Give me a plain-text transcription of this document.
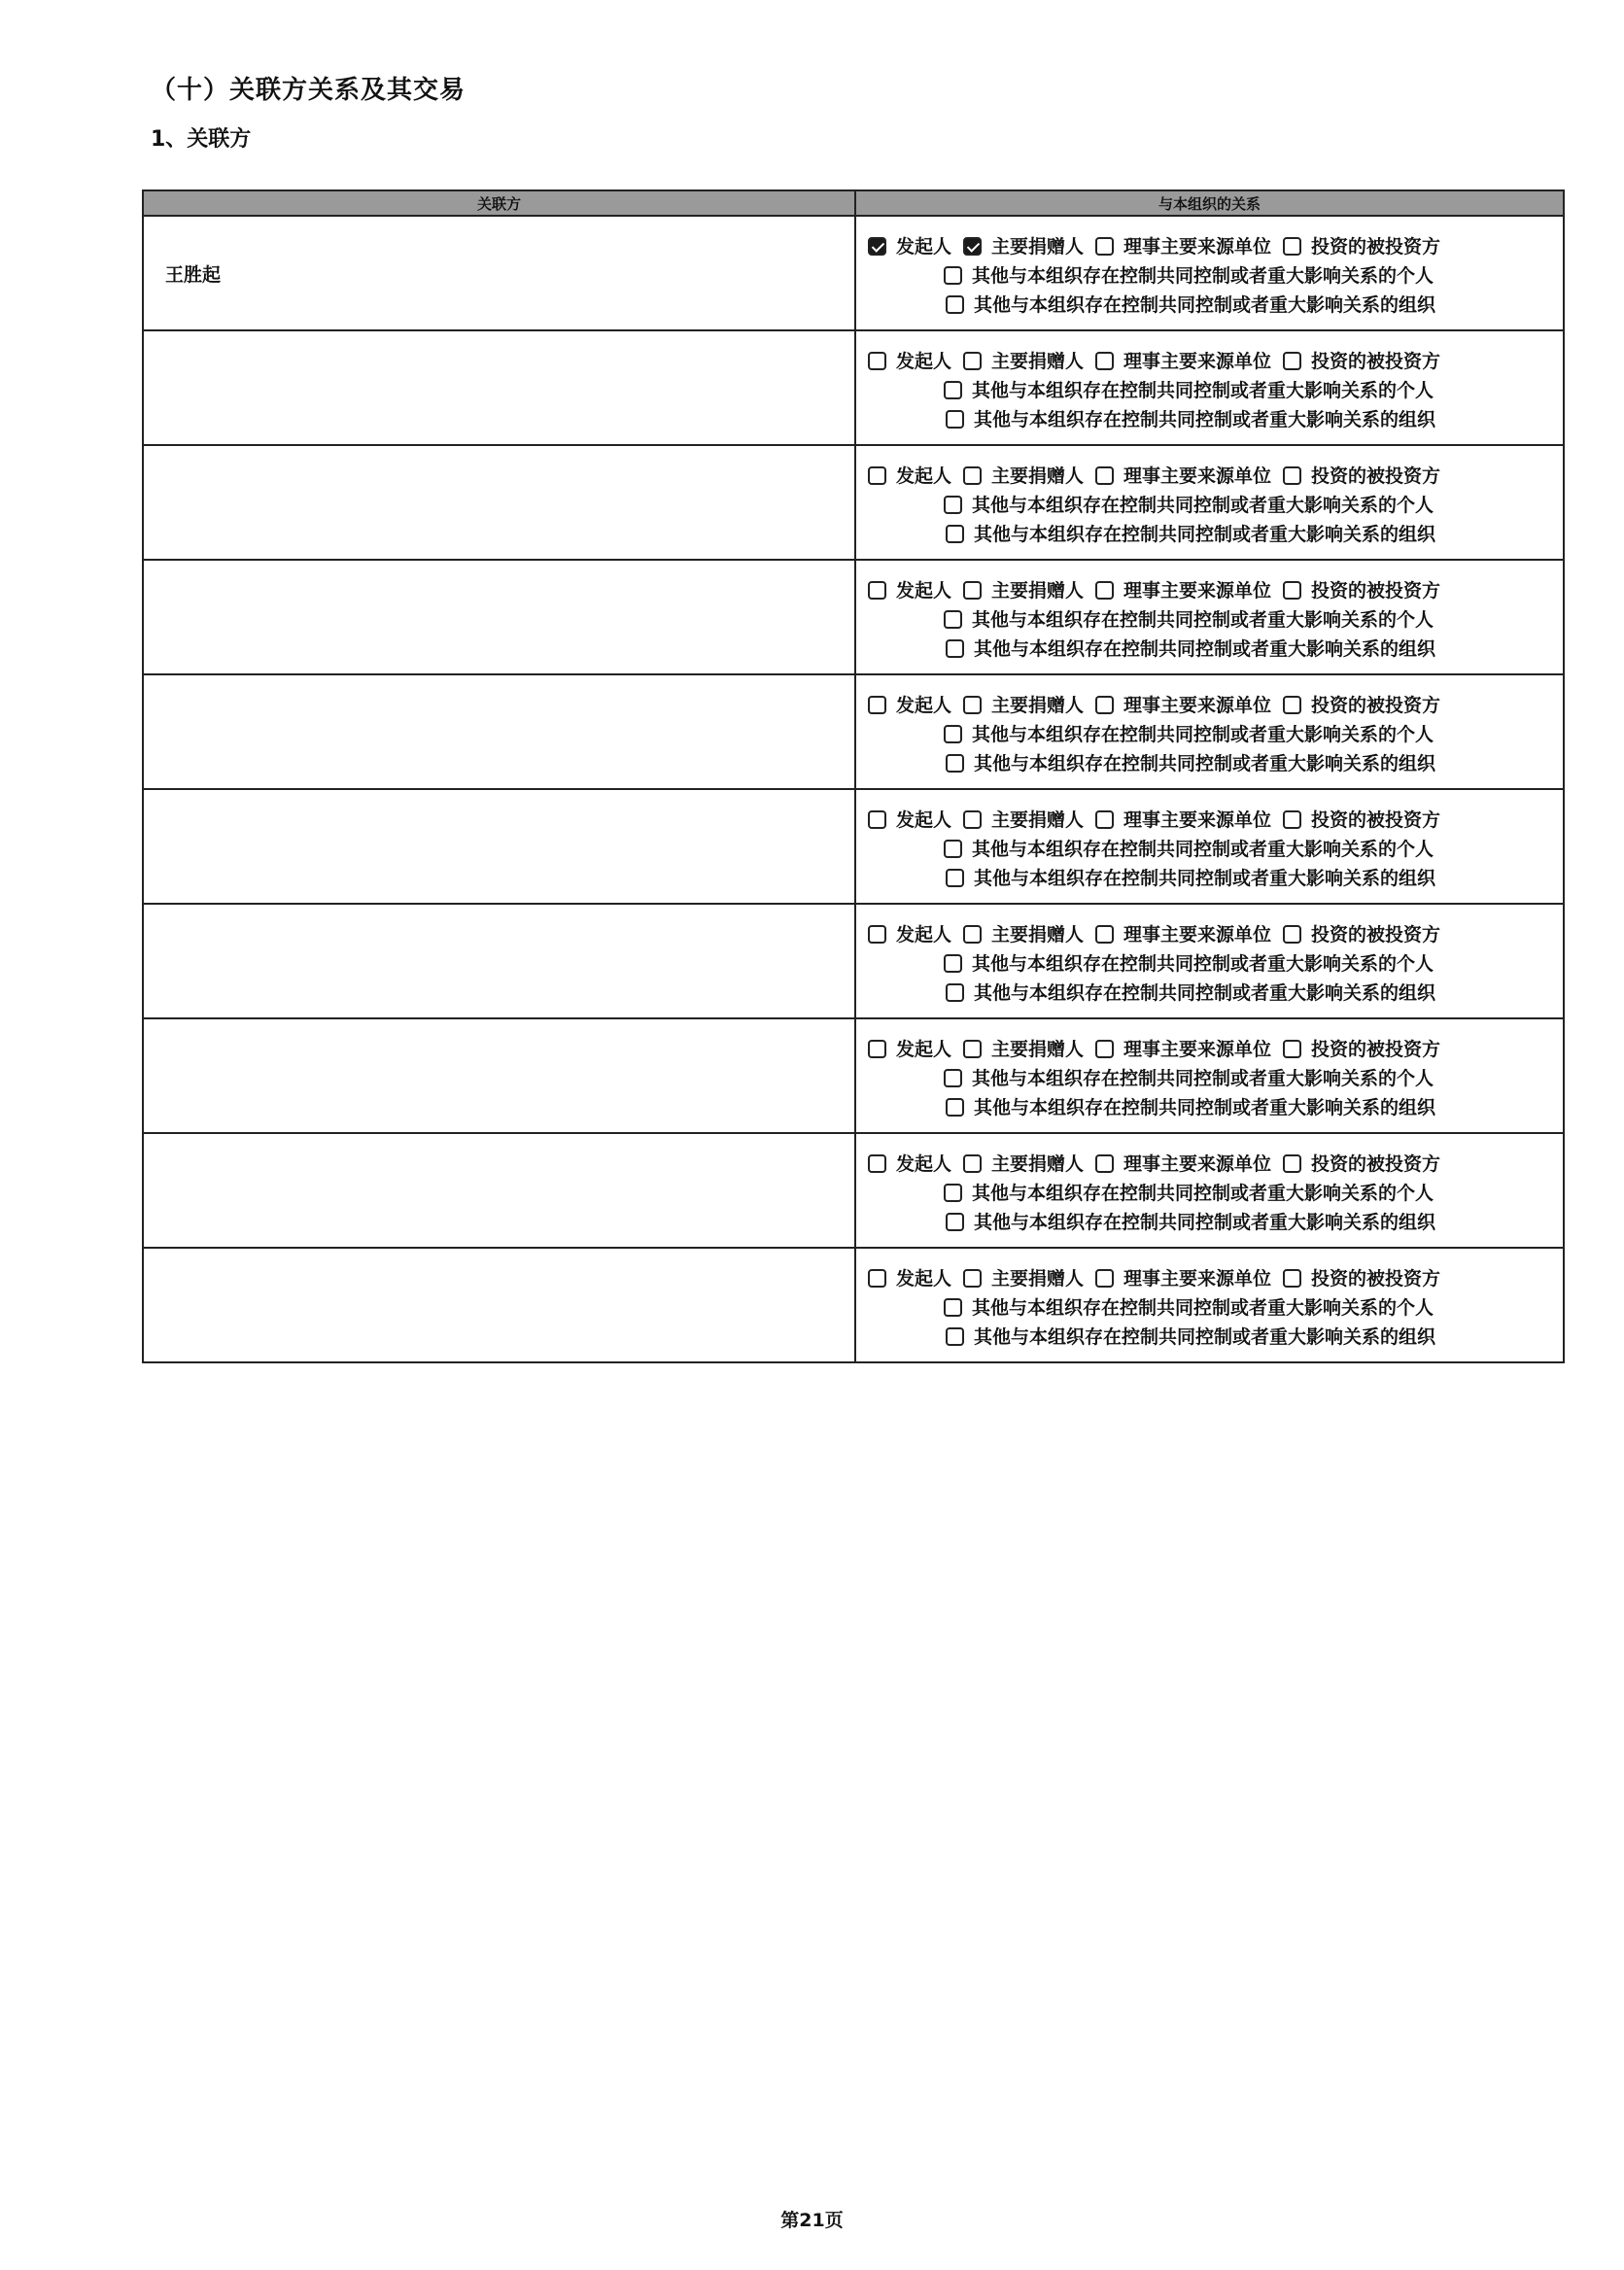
（十）关联方关系及其交易
1、关联方
关联方	与本组织的关系
王胜起	发起人 主要捐赠人 理事主要来源单位 投资的被投资方
其他与本组织存在控制共同控制或者重大影响关系的个人
其他与本组织存在控制共同控制或者重大影响关系的组织

	发起人 主要捐赠人 理事主要来源单位 投资的被投资方
其他与本组织存在控制共同控制或者重大影响关系的个人
其他与本组织存在控制共同控制或者重大影响关系的组织

	发起人 主要捐赠人 理事主要来源单位 投资的被投资方
其他与本组织存在控制共同控制或者重大影响关系的个人
其他与本组织存在控制共同控制或者重大影响关系的组织

	发起人 主要捐赠人 理事主要来源单位 投资的被投资方
其他与本组织存在控制共同控制或者重大影响关系的个人
其他与本组织存在控制共同控制或者重大影响关系的组织

	发起人 主要捐赠人 理事主要来源单位 投资的被投资方
其他与本组织存在控制共同控制或者重大影响关系的个人
其他与本组织存在控制共同控制或者重大影响关系的组织

	发起人 主要捐赠人 理事主要来源单位 投资的被投资方
其他与本组织存在控制共同控制或者重大影响关系的个人
其他与本组织存在控制共同控制或者重大影响关系的组织

	发起人 主要捐赠人 理事主要来源单位 投资的被投资方
其他与本组织存在控制共同控制或者重大影响关系的个人
其他与本组织存在控制共同控制或者重大影响关系的组织

	发起人 主要捐赠人 理事主要来源单位 投资的被投资方
其他与本组织存在控制共同控制或者重大影响关系的个人
其他与本组织存在控制共同控制或者重大影响关系的组织

	发起人 主要捐赠人 理事主要来源单位 投资的被投资方
其他与本组织存在控制共同控制或者重大影响关系的个人
其他与本组织存在控制共同控制或者重大影响关系的组织

	发起人 主要捐赠人 理事主要来源单位 投资的被投资方
其他与本组织存在控制共同控制或者重大影响关系的个人
其他与本组织存在控制共同控制或者重大影响关系的组织
第21页
